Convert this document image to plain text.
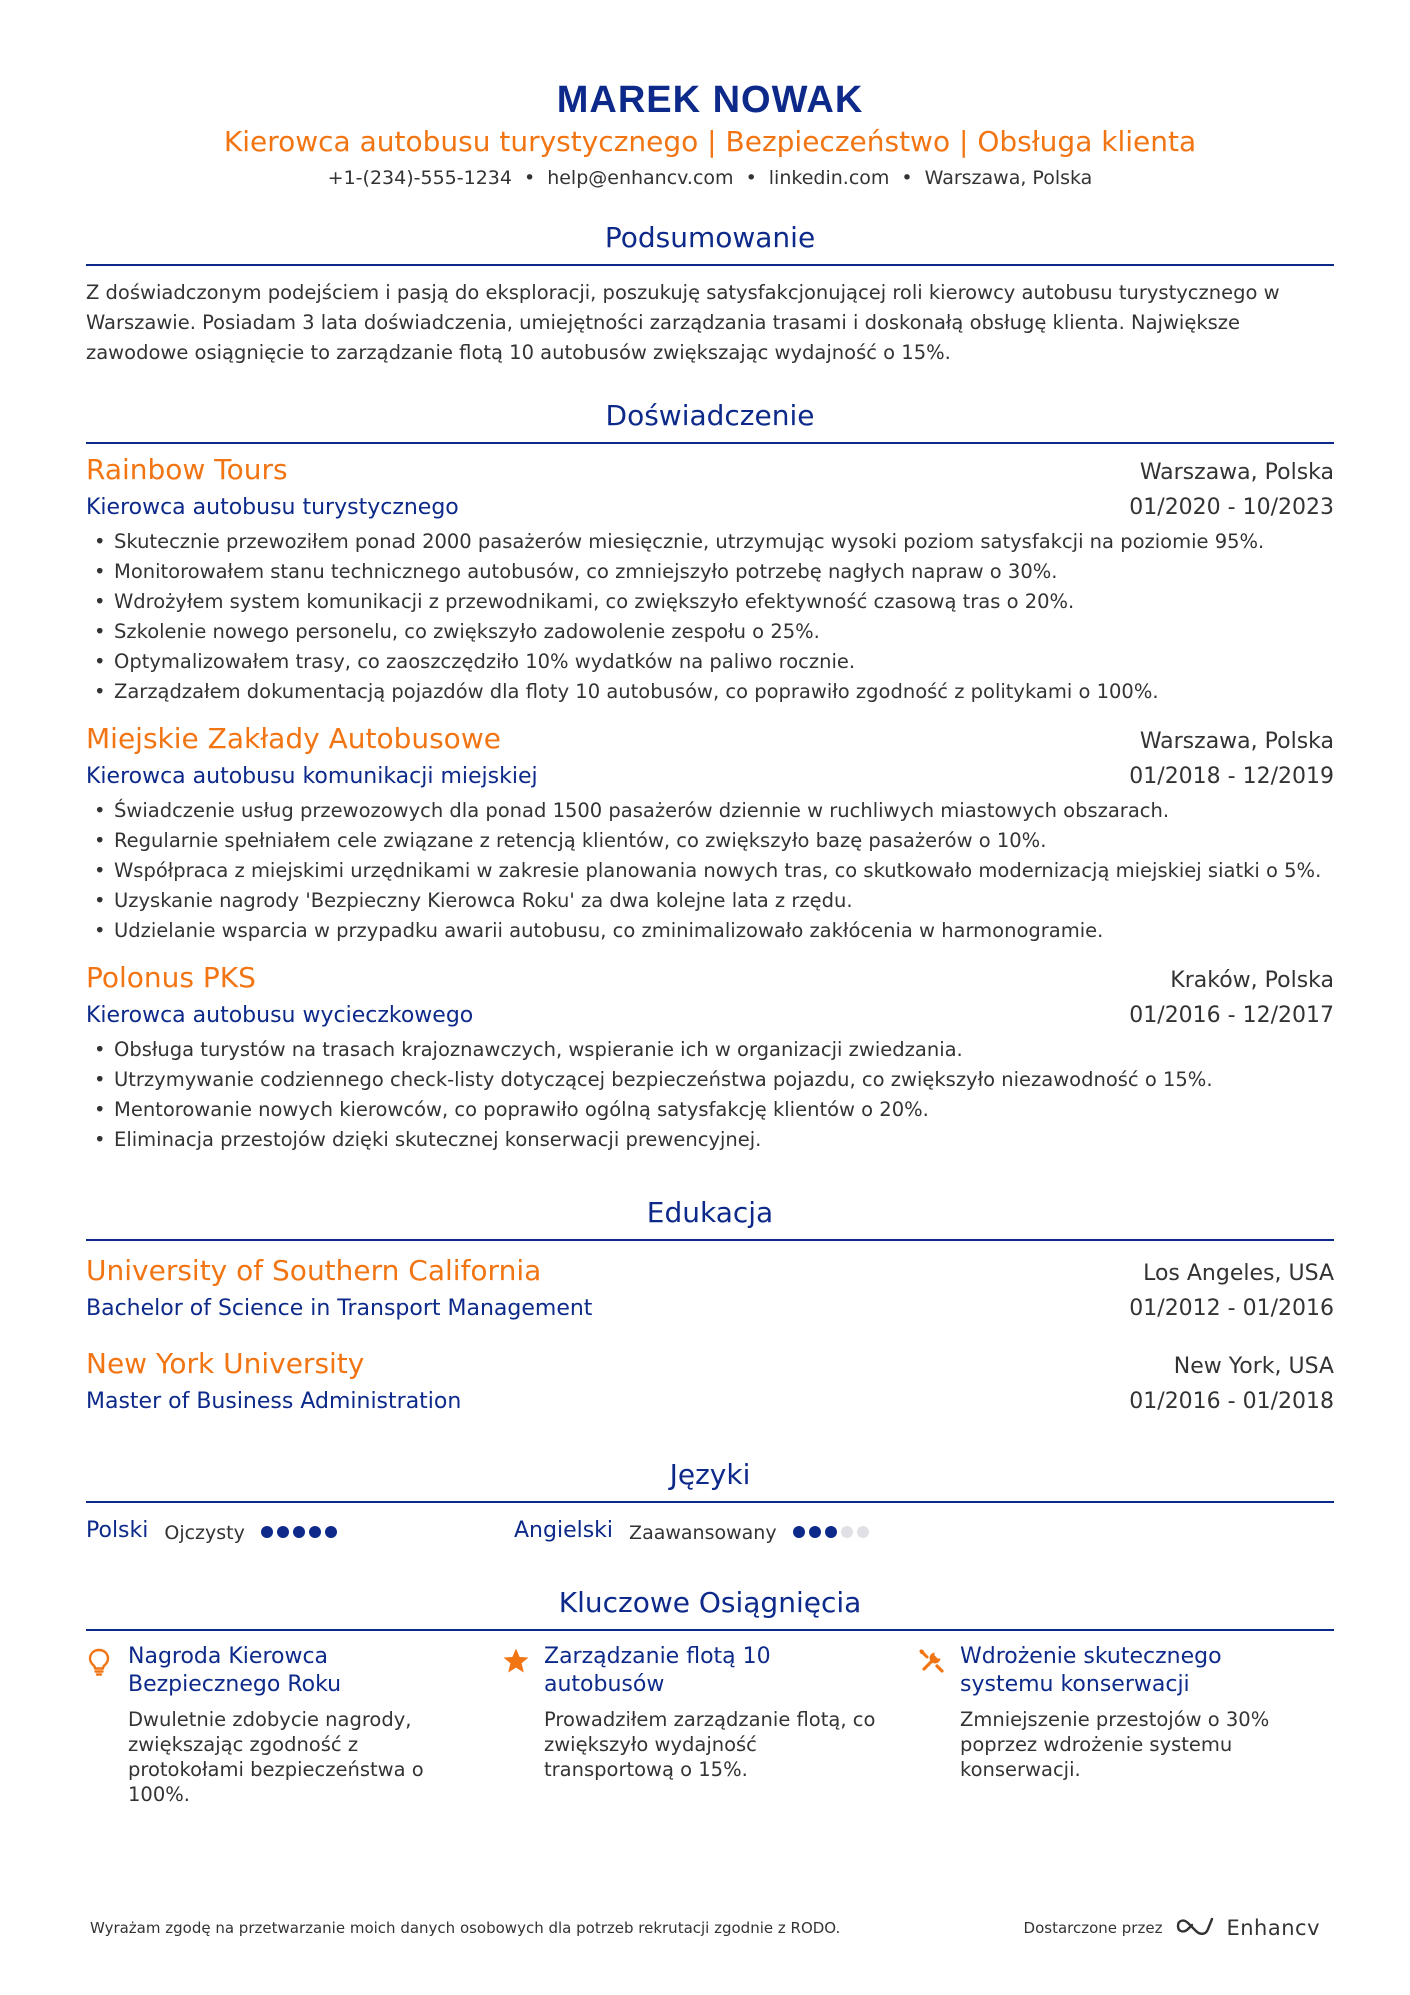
MAREK NOWAK
Kierowca autobusu turystycznego | Bezpieczeństwo | Obsługa klienta
+1-(234)-555-1234 • help@enhancv.com • linkedin.com • Warszawa, Polska
Podsumowanie
Z doświadczonym podejściem i pasją do eksploracji, poszukuję satysfakcjonującej roli kierowcy autobusu turystycznego w Warszawie. Posiadam 3 lata doświadczenia, umiejętności zarządzania trasami i doskonałą obsługę klienta. Największe zawodowe osiągnięcie to zarządzanie flotą 10 autobusów zwiększając wydajność o 15%.
Doświadczenie
Rainbow Tours	Warszawa, Polska
Kierowca autobusu turystycznego	01/2020 - 10/2023
• Skutecznie przewoziłem ponad 2000 pasażerów miesięcznie, utrzymując wysoki poziom satysfakcji na poziomie 95%.
• Monitorowałem stanu technicznego autobusów, co zmniejszyło potrzebę nagłych napraw o 30%.
• Wdrożyłem system komunikacji z przewodnikami, co zwiększyło efektywność czasową tras o 20%.
• Szkolenie nowego personelu, co zwiększyło zadowolenie zespołu o 25%.
• Optymalizowałem trasy, co zaoszczędziło 10% wydatków na paliwo rocznie.
• Zarządzałem dokumentacją pojazdów dla floty 10 autobusów, co poprawiło zgodność z politykami o 100%.
Miejskie Zakłady Autobusowe	Warszawa, Polska
Kierowca autobusu komunikacji miejskiej	01/2018 - 12/2019
• Świadczenie usług przewozowych dla ponad 1500 pasażerów dziennie w ruchliwych miastowych obszarach.
• Regularnie spełniałem cele związane z retencją klientów, co zwiększyło bazę pasażerów o 10%.
• Współpraca z miejskimi urzędnikami w zakresie planowania nowych tras, co skutkowało modernizacją miejskiej siatki o 5%.
• Uzyskanie nagrody 'Bezpieczny Kierowca Roku' za dwa kolejne lata z rzędu.
• Udzielanie wsparcia w przypadku awarii autobusu, co zminimalizowało zakłócenia w harmonogramie.
Polonus PKS	Kraków, Polska
Kierowca autobusu wycieczkowego	01/2016 - 12/2017
• Obsługa turystów na trasach krajoznawczych, wspieranie ich w organizacji zwiedzania.
• Utrzymywanie codziennego check-listy dotyczącej bezpieczeństwa pojazdu, co zwiększyło niezawodność o 15%.
• Mentorowanie nowych kierowców, co poprawiło ogólną satysfakcję klientów o 20%.
• Eliminacja przestojów dzięki skutecznej konserwacji prewencyjnej.
Edukacja
University of Southern California	Los Angeles, USA
Bachelor of Science in Transport Management	01/2012 - 01/2016
New York University	New York, USA
Master of Business Administration	01/2016 - 01/2018
Języki
Polski Ojczysty	Angielski Zaawansowany
Kluczowe Osiągnięcia
Nagroda Kierowca Bezpiecznego Roku
Dwuletnie zdobycie nagrody, zwiększając zgodność z protokołami bezpieczeństwa o 100%.
Zarządzanie flotą 10 autobusów
Prowadziłem zarządzanie flotą, co zwiększyło wydajność transportową o 15%.
Wdrożenie skutecznego systemu konserwacji
Zmniejszenie przestojów o 30% poprzez wdrożenie systemu konserwacji.
Wyrażam zgodę na przetwarzanie moich danych osobowych dla potrzeb rekrutacji zgodnie z RODO.	Dostarczone przez	Enhancv
